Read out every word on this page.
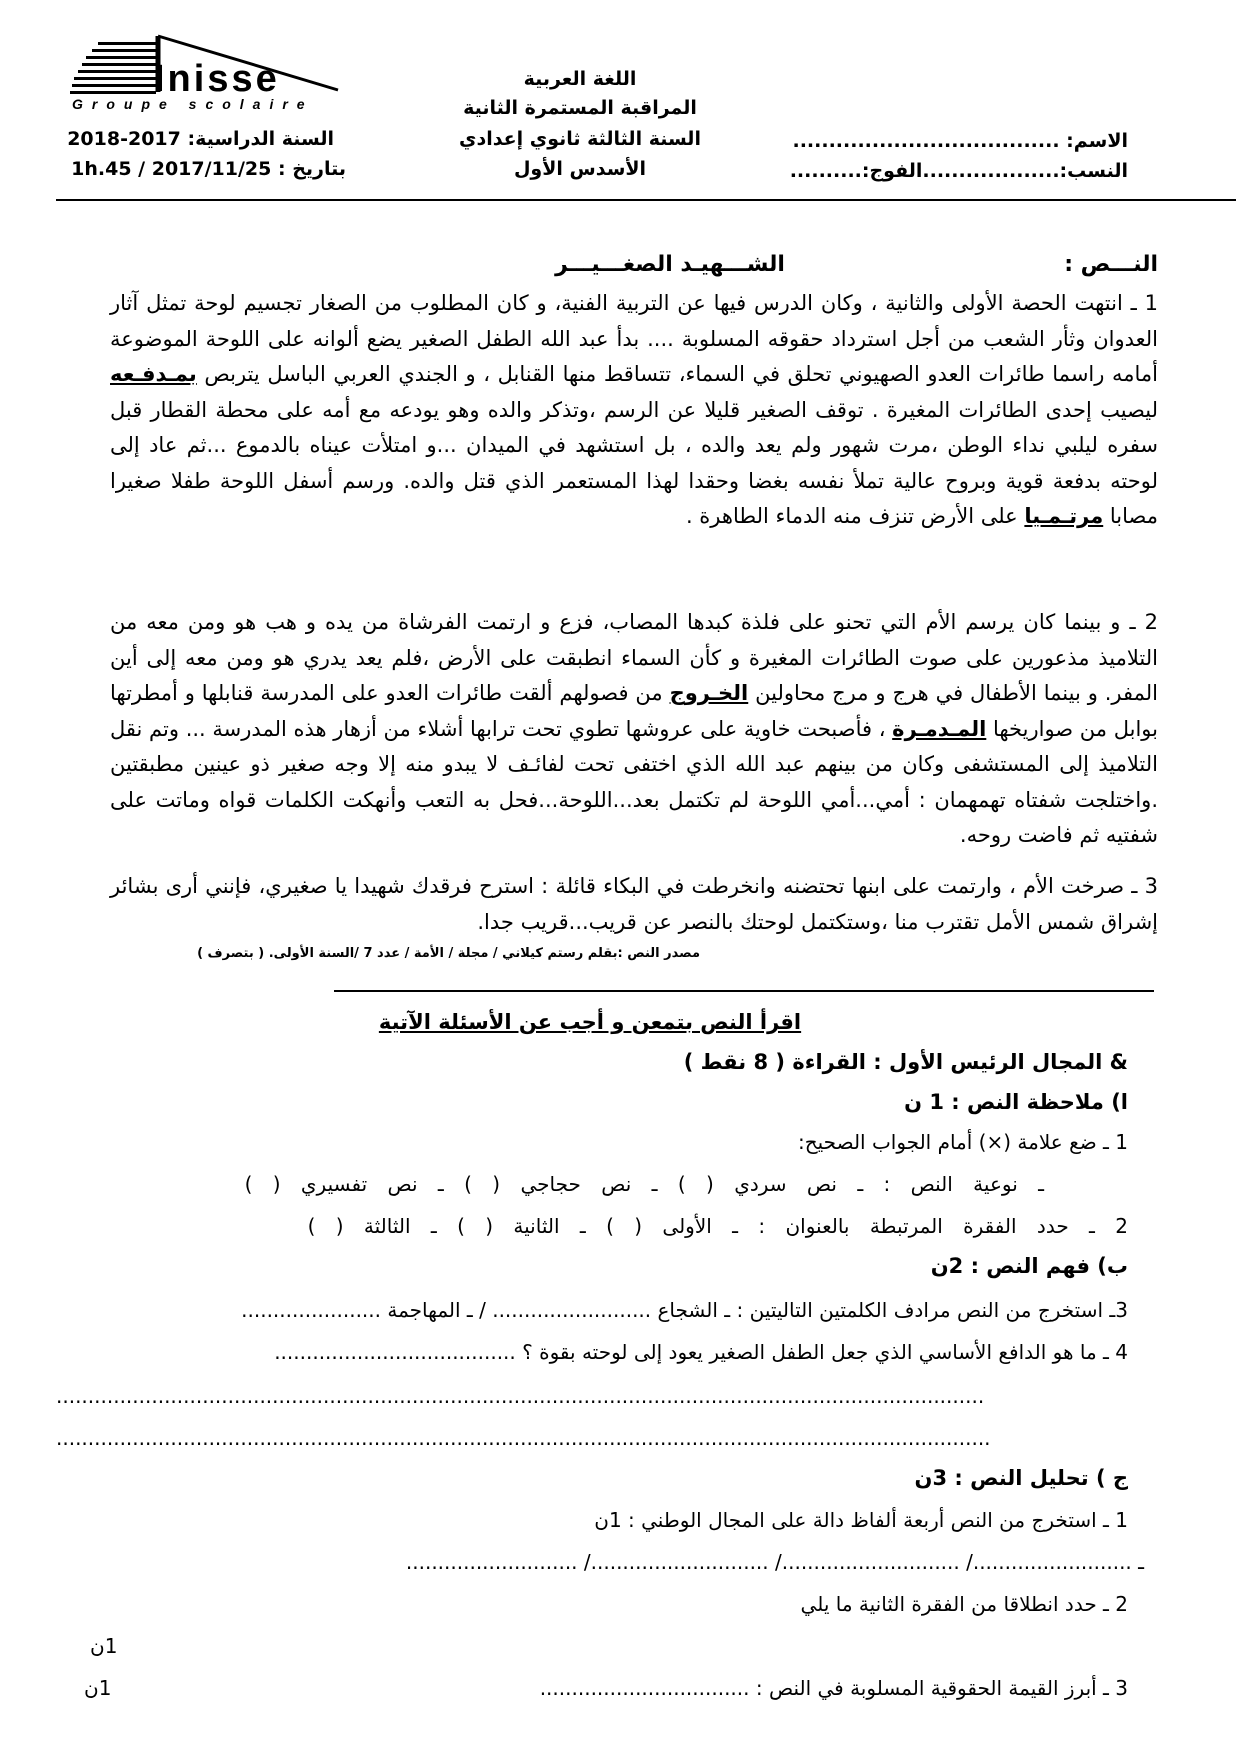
Inisse
Groupe scolaire
السنة الدراسية: 2017-2018
بتاريخ : 2017/11/25 / 1h.45
اللغة العربية
المراقبة المستمرة الثانية
السنة الثالثة ثانوي إعدادي
الأسدس الأول
الاسم: .....................................
النسب:...................الفوج:..........
النـــص :
الشـــهيـد الصغـــيـــر
1 ـ انتهت الحصة الأولى والثانية ، وكان الدرس فيها عن التربية الفنية، و كان المطلوب من الصغار تجسيم لوحة تمثل آثار العدوان وثأر الشعب من أجل استرداد حقوقه المسلوبة .... بدأ عبد الله الطفل الصغير يضع ألوانه على اللوحة الموضوعة أمامه راسما طائرات العدو الصهيوني تحلق في السماء، تتساقط منها القنابل ، و الجندي العربي الباسل يتربص بمـدفـعه ليصيب إحدى الطائرات المغيرة . توقف الصغير قليلا عن الرسم ،وتذكر والده وهو يودعه مع أمه على محطة القطار قبل سفره ليلبي نداء الوطن ،مرت شهور ولم يعد والده ، بل استشهد في الميدان ...و امتلأت عيناه بالدموع ...ثم عاد إلى لوحته بدفعة قوية وبروح عالية تملأ نفسه بغضا وحقدا لهذا المستعمر الذي قتل والده. ورسم أسفل اللوحة طفلا صغيرا مصابا مرتـمـيا على الأرض تنزف منه الدماء الطاهرة .
2 ـ و بينما كان يرسم الأم التي تحنو على فلذة كبدها المصاب، فزع و ارتمت الفرشاة من يده و هب هو ومن معه من التلاميذ مذعورين على صوت الطائرات المغيرة و كأن السماء انطبقت على الأرض ،فلم يعد يدري هو ومن معه إلى أين المفر. و بينما الأطفال في هرج و مرج محاولين الخـروج من فصولهم ألقت طائرات العدو على المدرسة قنابلها و أمطرتها بوابل من صواريخها المـدمـرة ، فأصبحت خاوية على عروشها تطوي تحت ترابها أشلاء من أزهار هذه المدرسة ... وتم نقل التلاميذ إلى المستشفى وكان من بينهم عبد الله الذي اختفى تحت لفائـف لا يبدو منه إلا وجه صغير ذو عينين مطبقتين .واختلجت شفتاه تهمهمان : أمي...أمي اللوحة لم تكتمل بعد...اللوحة...فحل به التعب وأنهكت الكلمات قواه وماتت على شفتيه ثم فاضت روحه.
3 ـ صرخت الأم ، وارتمت على ابنها تحتضنه وانخرطت في البكاء قائلة : استرح فرقدك شهيدا يا صغيري، فإنني أرى بشائر إشراق شمس الأمل تقترب منا ،وستكتمل لوحتك بالنصر عن قريب...قريب جدا.
مصدر النص :بقلم رستم كيلاني / مجلة / الأمة / عدد 7 /السنة الأولى. ( بتصرف )
اقرأ النص بتمعن و أجب عن الأسئلة الآتية
& المجال الرئيس الأول : القراءة ( 8 نقط )
ا) ملاحظة النص : 1 ن
1 ـ ضع علامة (×) أمام الجواب الصحيح:
ـ نوعية النص : ـ نص سردي ( ) ـ نص حجاجي ( ) ـ نص تفسيري ( )
2 ـ حدد الفقرة المرتبطة بالعنوان : ـ الأولى ( ) ـ الثانية ( ) ـ الثالثة ( )
ب) فهم النص : 2ن
3ـ استخرج من النص مرادف الكلمتين التاليتين : ـ الشجاع ......................... / ـ المهاجمة ......................
4 ـ ما هو الدافع الأساسي الذي جعل الطفل الصغير يعود إلى لوحته بقوة ؟ ......................................
..................................................................................................................................................
...................................................................................................................................................
ج ) تحليل النص : 3ن
1 ـ استخرج من النص أربعة ألفاظ دالة على المجال الوطني : 1ن
ـ ........................./ ............................/ ............................/ ...........................
2 ـ حدد انطلاقا من الفقرة الثانية ما يلي
1ن
3 ـ أبرز القيمة الحقوقية المسلوبة في النص : .................................
1ن
